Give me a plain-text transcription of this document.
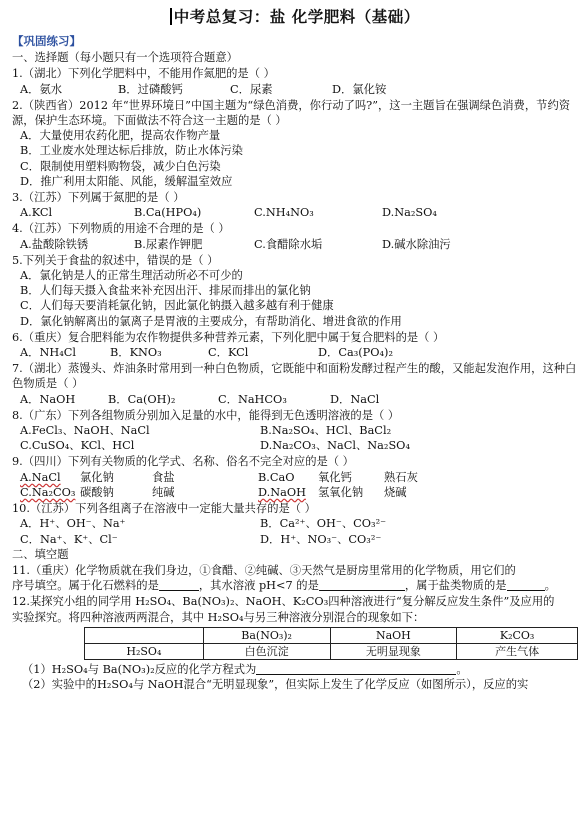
中考总复习：盐 化学肥料（基础）
【巩固练习】
一、选择题（每小题只有一个选项符合题意）
1.（湖北）下列化学肥料中，不能用作氮肥的是（ ）
A．氨水	B．过磷酸钙	C．尿素	D．氯化铵
2.（陕西省）2012 年“世界环境日”中国主题为“绿色消费，你行动了吗?”，这一主题旨在强调绿色消费，节约资源，保护生态环境。下面做法不符合这一主题的是（ ）
A．大量使用农药化肥，提高农作物产量
B．工业废水处理达标后排放，防止水体污染
C．限制使用塑料购物袋，减少白色污染
D．推广利用太阳能、风能，缓解温室效应
3.（江苏）下列属于氮肥的是（ ）
A.KCl	B.Ca(HPO₄)	C.NH₄NO₃	D.Na₂SO₄
4.（江苏）下列物质的用途不合理的是（ ）
A.盐酸除铁锈	B.尿素作钾肥	C.食醋除水垢	D.碱水除油污
5.下列关于食盐的叙述中，错误的是（ ）
A．氯化钠是人的正常生理活动所必不可少的
B．人们每天摄入食盐来补充因出汗、排尿而排出的氯化钠
C．人们每天要消耗氯化钠，因此氯化钠摄入越多越有利于健康
D．氯化钠解离出的氯离子是胃液的主要成分，有帮助消化、增进食欲的作用
6.（重庆）复合肥料能为农作物提供多种营养元素，下列化肥中属于复合肥料的是（ ）
A．NH₄Cl	B．KNO₃	C．KCl	D．Ca₃(PO₄)₂
7.（湖北）蒸馒头、炸油条时常用到一种白色物质，它既能中和面粉发酵过程产生的酸，又能起发泡作用，这种白色物质是（ ）
A．NaOH	B．Ca(OH)₂	C．NaHCO₃	D．NaCl
8.（广东）下列各组物质分别加入足量的水中，能得到无色透明溶液的是（ ）
A.FeCl₃、NaOH、NaCl	B.Na₂SO₄、HCl、BaCl₂
C.CuSO₄、KCl、HCl	D.Na₂CO₃、NaCl、Na₂SO₄
9.（四川）下列有关物质的化学式、名称、俗名不完全对应的是（ ）
A.NaCl	氯化钠	食盐	B.CaO	氧化钙	熟石灰
C.Na₂CO₃ 碳酸钠	纯碱	D.NaOH	氢氧化钠	烧碱
10.（江苏）下列各组离子在溶液中一定能大量共存的是（ ）
A．H⁺、OH⁻、Na⁺	B．Ca²⁺、OH⁻、CO₃²⁻
C．Na⁺、K⁺、Cl⁻	D．H⁺、NO₃⁻、CO₃²⁻
二、填空题
11.（重庆）化学物质就在我们身边，①食醋、②纯碱、③天然气是厨房里常用的化学物质，用它们的
序号填空。属于化石燃料的是	，其水溶液 pH<7 的是	，属于盐类物质的是	。
12.某探究小组的同学用 H₂SO₄、Ba(NO₃)₂、NaOH、K₂CO₃四种溶液进行“复分解反应发生条件”及应用的
实验探究。将四种溶液两两混合，其中 H₂SO₄与另三种溶液分别混合的现象如下：
	Ba(NO₃)₂	NaOH	K₂CO₃
H₂SO₄	白色沉淀	无明显现象	产生气体
（1）H₂SO₄与 Ba(NO₃)₂反应的化学方程式为	。
（2）实验中的H₂SO₄与 NaOH混合“无明显现象”，但实际上发生了化学反应（如图所示），反应的实
